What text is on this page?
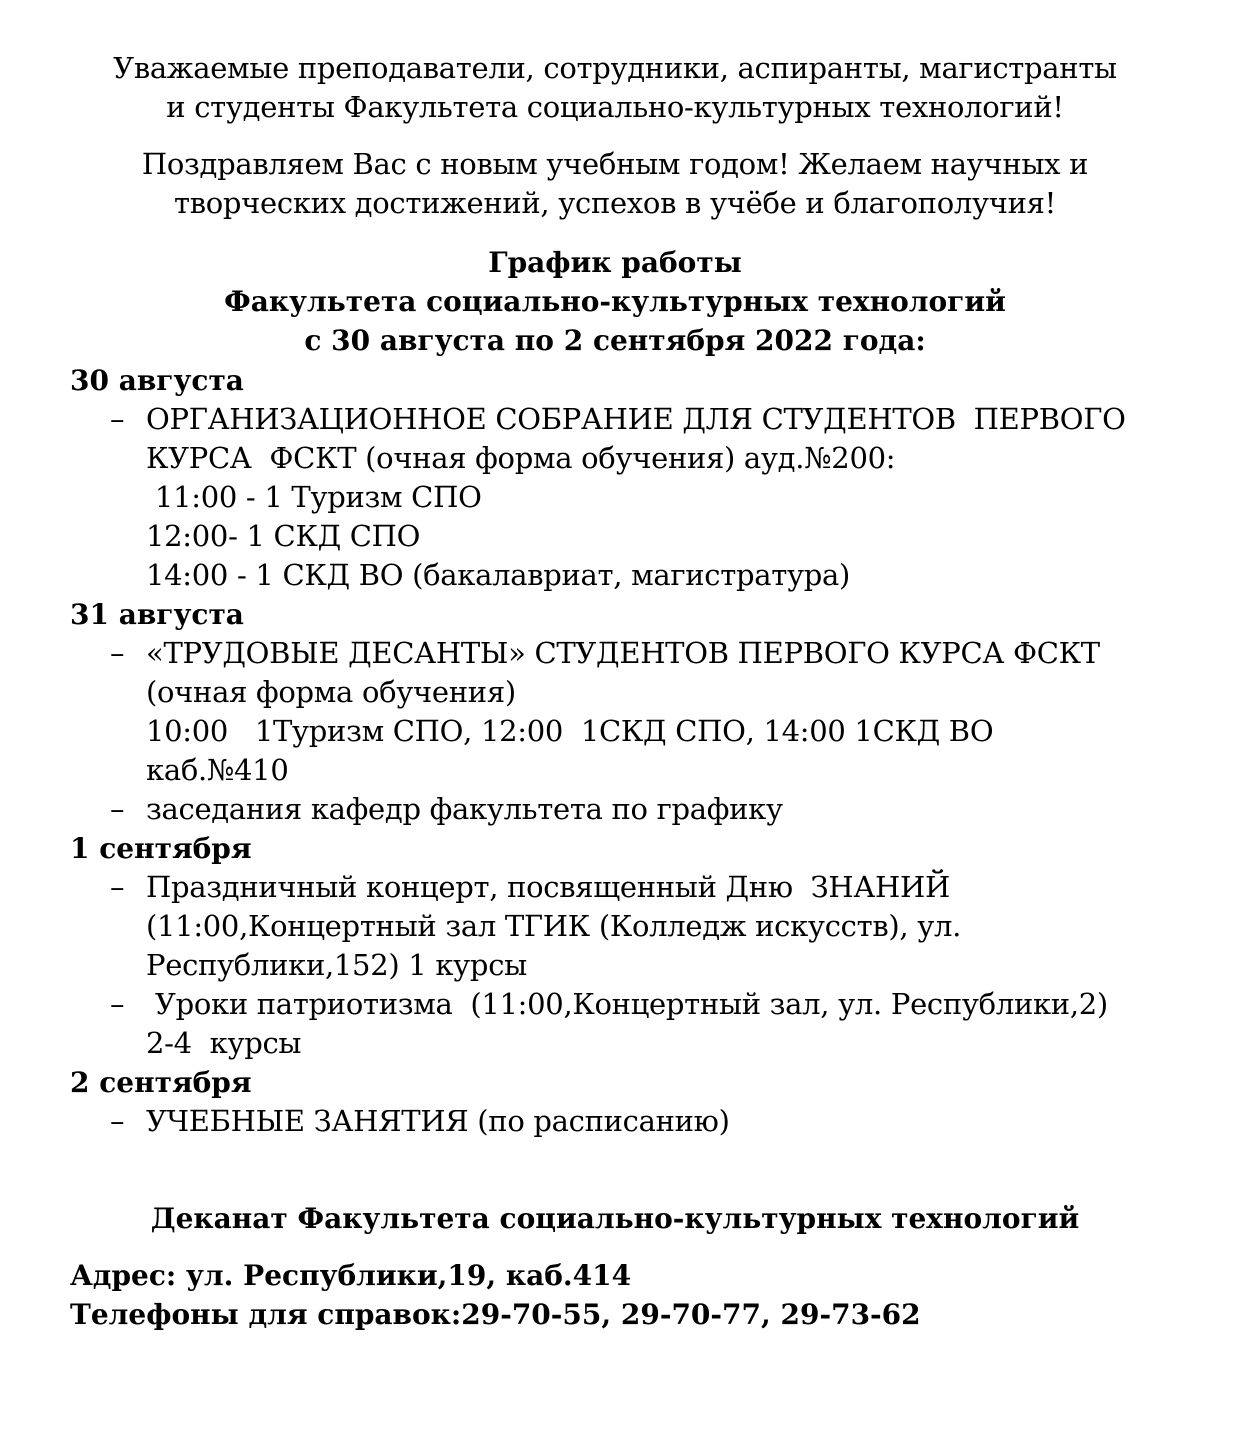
Уважаемые преподаватели, сотрудники, аспиранты, магистранты
и студенты Факультета социально-культурных технологий!
Поздравляем Вас с новым учебным годом! Желаем научных и
творческих достижений, успехов в учёбе и благополучия!
График работы
Факультета социально-культурных технологий
с 30 августа по 2 сентября 2022 года:
30 августа
– ОРГАНИЗАЦИОННОЕ СОБРАНИЕ ДЛЯ СТУДЕНТОВ  ПЕРВОГО
КУРСА  ФСКТ (очная форма обучения) ауд.№200:
11:00 - 1 Туризм СПО
12:00- 1 СКД СПО
14:00 - 1 СКД ВО (бакалавриат, магистратура)
31 августа
– «ТРУДОВЫЕ ДЕСАНТЫ» СТУДЕНТОВ ПЕРВОГО КУРСА ФСКТ
(очная форма обучения)
10:00   1Туризм СПО, 12:00  1СКД СПО, 14:00 1СКД ВО
каб.№410
– заседания кафедр факультета по графику
1 сентября
– Праздничный концерт, посвященный Дню  ЗНАНИЙ
(11:00,Концертный зал ТГИК (Колледж искусств), ул.
Республики,152) 1 курсы
– Уроки патриотизма  (11:00,Концертный зал, ул. Республики,2)
2-4  курсы
2 сентября
– УЧЕБНЫЕ ЗАНЯТИЯ (по расписанию)
Деканат Факультета социально-культурных технологий
Адрес: ул. Республики,19, каб.414
Телефоны для справок:29-70-55, 29-70-77, 29-73-62
